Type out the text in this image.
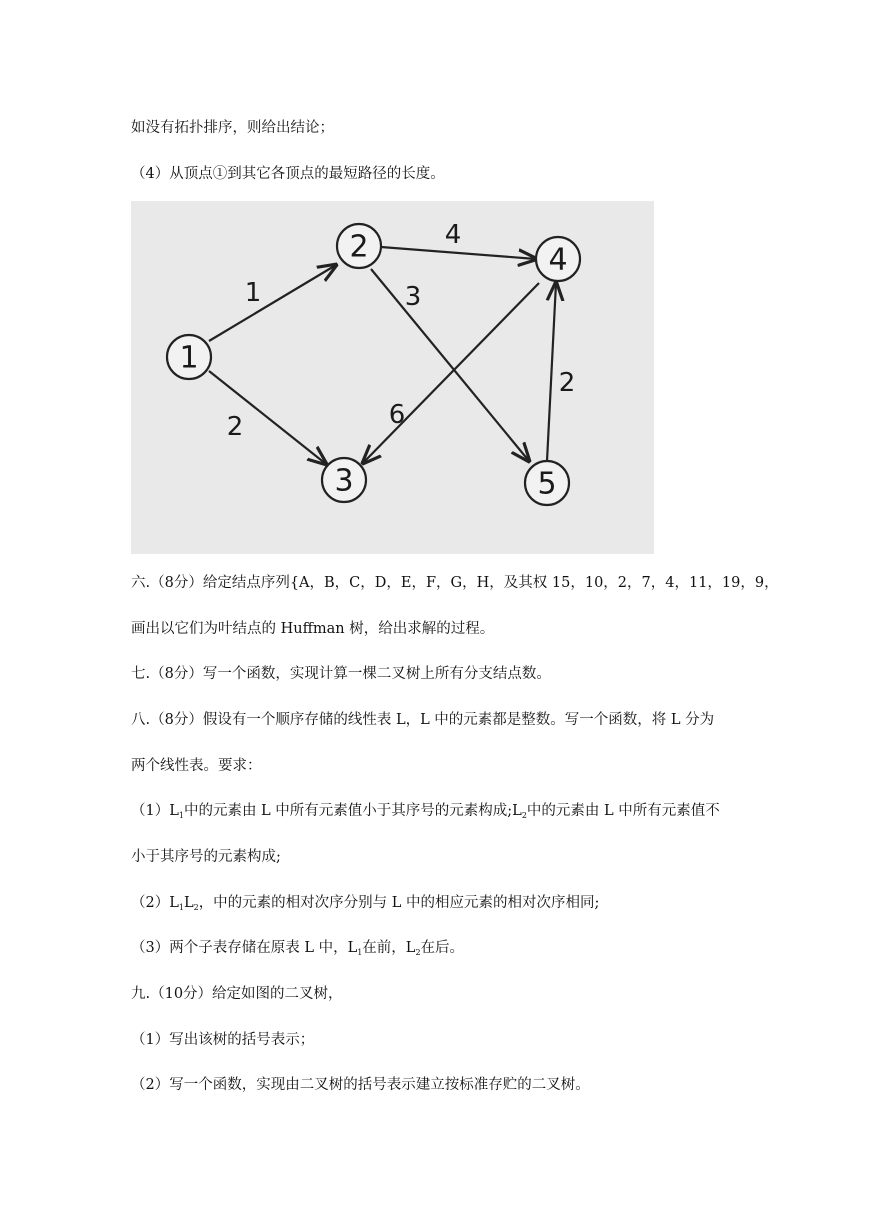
如没有拓扑排序，则给出结论；
（4）从顶点①到其它各顶点的最短路径的长度。
1
2
4
3
6
2
1
2
3
4
5
六.（8分）给定结点序列{A，B，C，D，E，F，G，H，及其权 15，10，2，7，4，11，19，9，
画出以它们为叶结点的 Huffman 树，给出求解的过程。
七.（8分）写一个函数，实现计算一棵二叉树上所有分支结点数。
八.（8分）假设有一个顺序存储的线性表 L，L 中的元素都是整数。写一个函数，将 L 分为
两个线性表。要求：
$(1)L_1$中的元素由 L 中所有元素值小于其序号的元素构成$;L_2$中的元素由 L 中所有元素值不
小于其序号的元素构成;
$(2)L_1L_2$，中的元素的相对次序分别与 L 中的相应元素的相对次序相同;
（3）两个子表存储在原表 L 中，$L_1$在前，$L_2$在后。
九.（10分）给定如图的二叉树，
（1）写出该树的括号表示；
（2）写一个函数，实现由二叉树的括号表示建立按标准存贮的二叉树。
